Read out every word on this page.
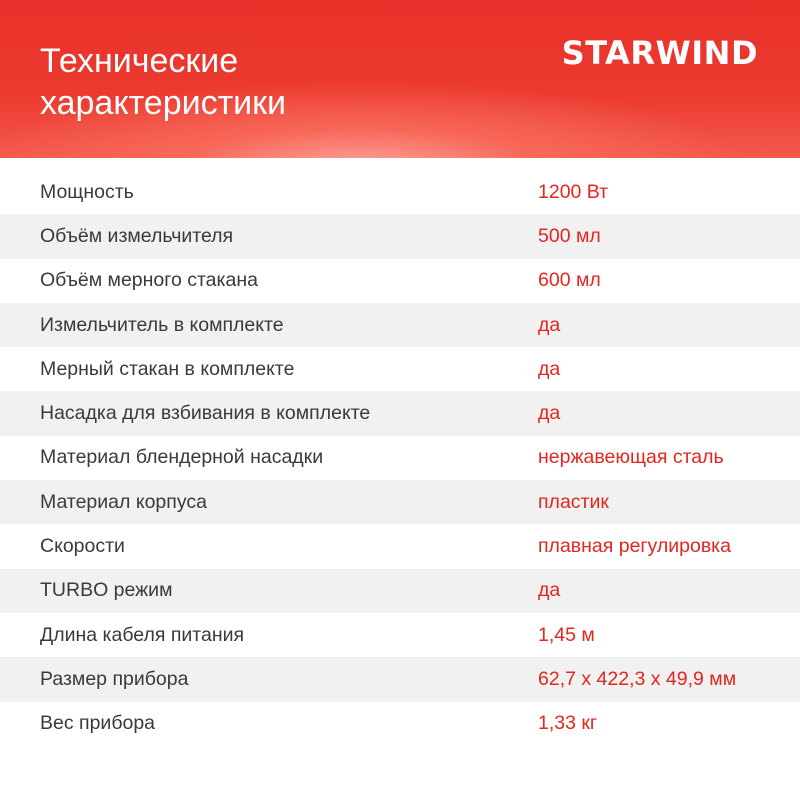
Технические
характеристики
STARWIND
Мощность	1200 Вт
Объём измельчителя	500 мл
Объём мерного стакана	600 мл
Измельчитель в комплекте	да
Мерный стакан в комплекте	да
Насадка для взбивания в комплекте	да
Материал блендерной насадки	нержавеющая сталь
Материал корпуса	пластик
Скорости	плавная регулировка
TURBO режим	да
Длина кабеля питания	1,45 м
Размер прибора	62,7 x 422,3 x 49,9 мм
Вес прибора	1,33 кг
